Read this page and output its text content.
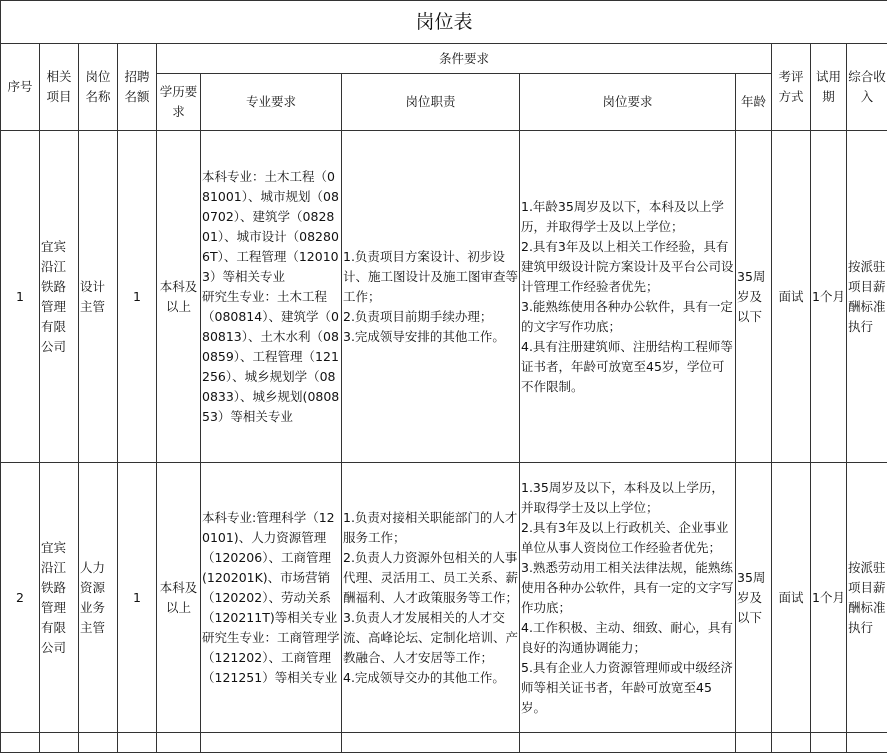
岗位表											
序号	相关项目	岗位名称	招聘名额	条件要求					考评方式	试用期	综合收入
				学历要求	专业要求	岗位职责	岗位要求	年龄			
1	宜宾沿江铁路管理有限公司	设计主管	1	本科及以上	本科专业：土木工程（081001）、城市规划（080702）、建筑学（082801）、城市设计（082806T）、工程管理（120103）等相关专业
研究生专业：土木工程（080814）、建筑学（080813）、土木水利（080859）、工程管理（121256）、城乡规划学（080833）、城乡规划(080853）等相关专业	1.负责项目方案设计、初步设计、施工图设计及施工图审查等工作；
2.负责项目前期手续办理；
3.完成领导安排的其他工作。	1.年龄35周岁及以下，本科及以上学历，并取得学士及以上学位；
2.具有3年及以上相关工作经验，具有建筑甲级设计院方案设计及平台公司设计管理工作经验者优先；
3.能熟练使用各种办公软件，具有一定的文字写作功底；
4.具有注册建筑师、注册结构工程师等证书者，年龄可放宽至45岁，学位可不作限制。	35周岁及以下	面试	1个月	按派驻项目薪酬标准执行
2	宜宾沿江铁路管理有限公司	人力资源业务主管	1	本科及以上	本科专业:管理科学（120101)、人力资源管理（120206）、工商管理(120201K)、市场营销（120202）、劳动关系（120211T)等相关专业
研究生专业：工商管理学（121202）、工商管理（121251）等相关专业	1.负责对接相关职能部门的人才服务工作；
2.负责人力资源外包相关的人事代理、灵活用工、员工关系、薪酬福利、人才政策服务等工作；
3.负责人才发展相关的人才交流、高峰论坛、定制化培训、产教融合、人才安居等工作；
4.完成领导交办的其他工作。	1.35周岁及以下，本科及以上学历，并取得学士及以上学位；
2.具有3年及以上行政机关、企业事业单位从事人资岗位工作经验者优先；
3.熟悉劳动用工相关法律法规，能熟练使用各种办公软件，具有一定的文字写作功底；
4.工作积极、主动、细致、耐心，具有良好的沟通协调能力；
5.具有企业人力资源管理师或中级经济师等相关证书者，年龄可放宽至45岁。	35周岁及以下	面试	1个月	按派驻项目薪酬标准执行
